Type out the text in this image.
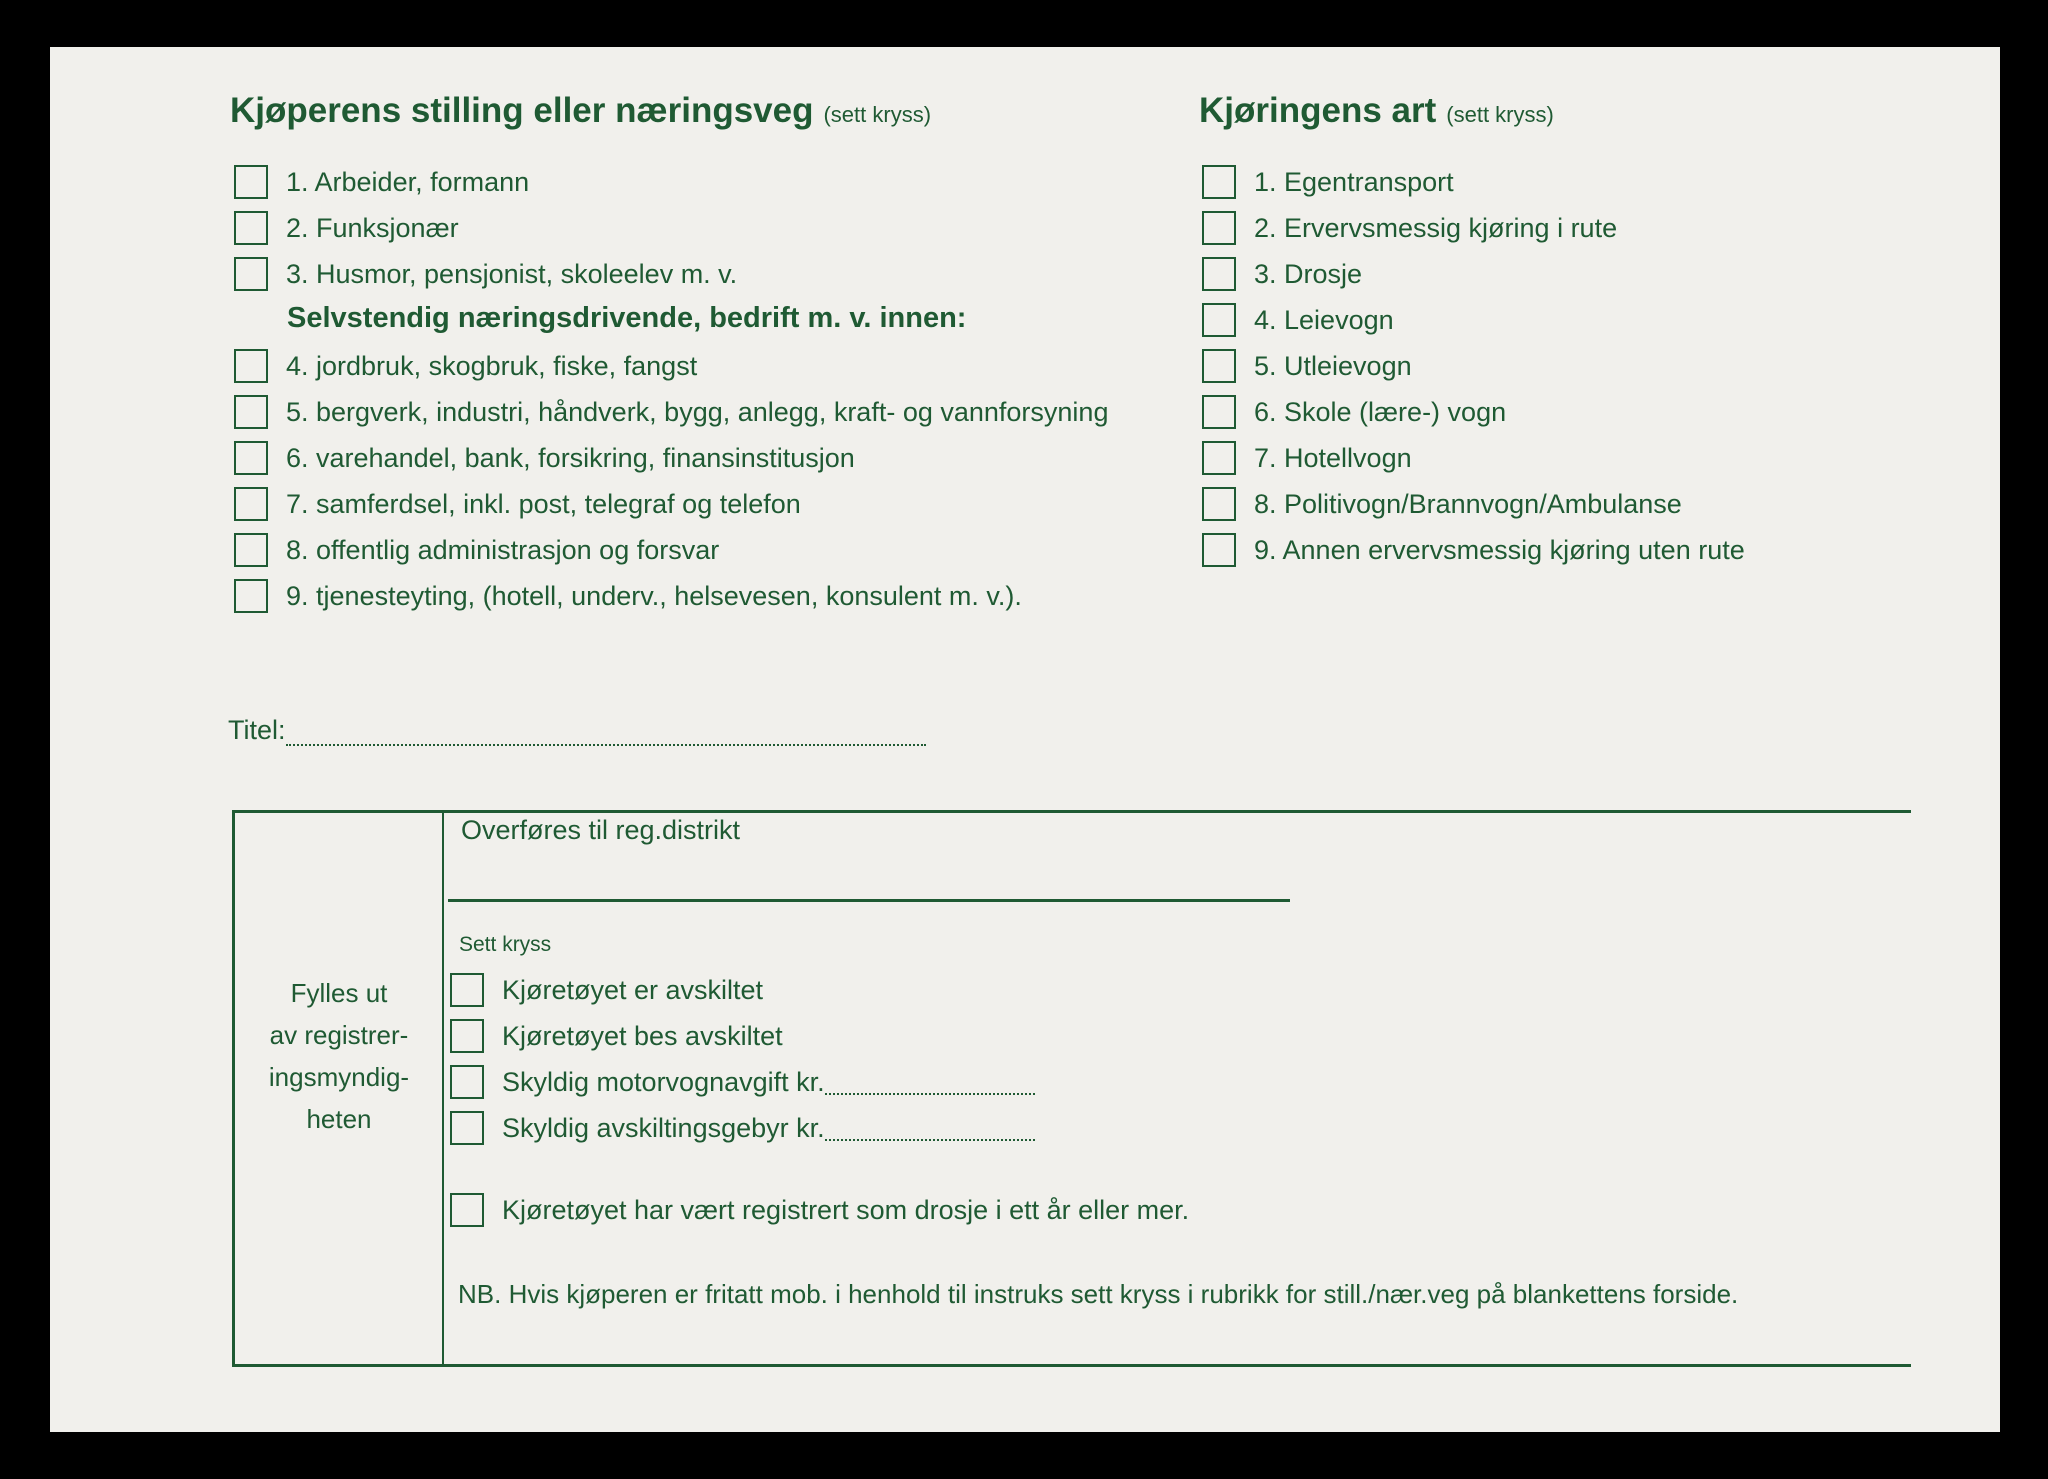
Kjøperens stilling eller næringsveg (sett kryss)
1. Arbeider, formann
2. Funksjonær
3. Husmor, pensjonist, skoleelev m. v.
Selvstendig næringsdrivende, bedrift m. v. innen:
4. jordbruk, skogbruk, fiske, fangst
5. bergverk, industri, håndverk, bygg, anlegg, kraft- og vannforsyning
6. varehandel, bank, forsikring, finansinstitusjon
7. samferdsel, inkl. post, telegraf og telefon
8. offentlig administrasjon og forsvar
9. tjenesteyting, (hotell, underv., helsevesen, konsulent m. v.).
Kjøringens art (sett kryss)
1. Egentransport
2. Ervervsmessig kjøring i rute
3. Drosje
4. Leievogn
5. Utleievogn
6. Skole (lære-) vogn
7. Hotellvogn
8. Politivogn/Brannvogn/Ambulanse
9. Annen ervervsmessig kjøring uten rute
Titel:
Fylles ut
av registrer-
ingsmyndig-
heten
Overføres til reg.distrikt
Sett kryss
Kjøretøyet er avskiltet
Kjøretøyet bes avskiltet
Skyldig motorvognavgift kr.
Skyldig avskiltingsgebyr kr.
Kjøretøyet har vært registrert som drosje i ett år eller mer.
NB. Hvis kjøperen er fritatt mob. i henhold til instruks sett kryss i rubrikk for still./nær.veg på blankettens forside.
